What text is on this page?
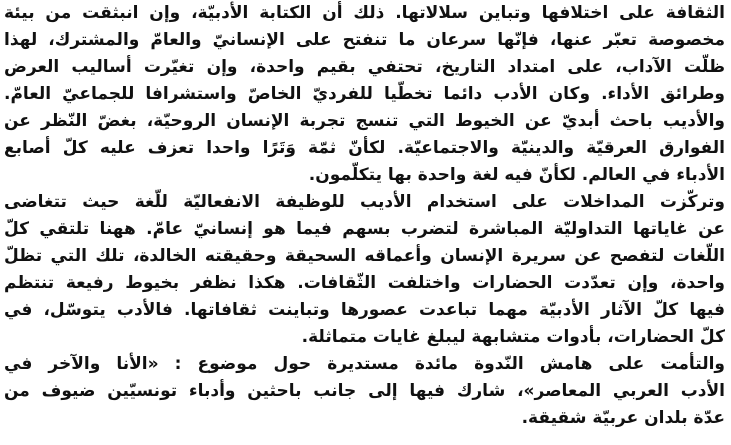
الثقافة على اختلافها وتباين سلالاتها. ذلك أن الكتابة الأدبيّة، وإن انبثقت من بيئة
مخصوصة تعبّر عنها، فإنّها سرعان ما تنفتح على الإنسانيّ والعامّ والمشترك، لهذا
ظلّت الآداب، على امتداد التاريخ، تحتفي بقيم واحدة، وإن تغيّرت أساليب العرض
وطرائق الأداء. وكان الأدب دائما تخطّيا للفرديّ الخاصّ واستشرافا للجماعيّ العامّ.
والأديب باحث أبديّ عن الخيوط التي تنسج تجربة الإنسان الروحيّة، بغضّ النّظر عن
الفوارق العرقيّة والدينيّة والاجتماعيّة. لكأنّ ثمّة وَتَرًا واحدا تعزف عليه كلّ أصابع
الأدباء في العالم. لكأنّ فيه لغة واحدة بها يتكلّمون.
وتركّزت المداخلات على استخدام الأديب للوظيفة الانفعاليّة للّغة حيث تتغاضى
عن غاياتها التداوليّة المباشرة لتضرب بسهم فيما هو إنسانيّ عامّ. ههنا تلتقي كلّ
اللّغات لتفصح عن سريرة الإنسان وأعماقه السحيقة وحقيقته الخالدة، تلك التي تظلّ
واحدة، وإن تعدّدت الحضارات واختلفت الثّقافات. هكذا نظفر بخيوط رفيعة تنتظم
فيها كلّ الآثار الأدبيّة مهما تباعدت عصورها وتباينت ثقافاتها. فالأدب يتوسّل، في
كلّ الحضارات، بأدوات متشابهة ليبلغ غايات متماثلة.
والتأمت على هامش النّدوة مائدة مستديرة حول موضوع : «الأنا والآخر في
الأدب العربي المعاصر»، شارك فيها إلى جانب باحثين وأدباء تونسيّين ضيوف من
عدّة بلدان عربيّة شقيقة.
